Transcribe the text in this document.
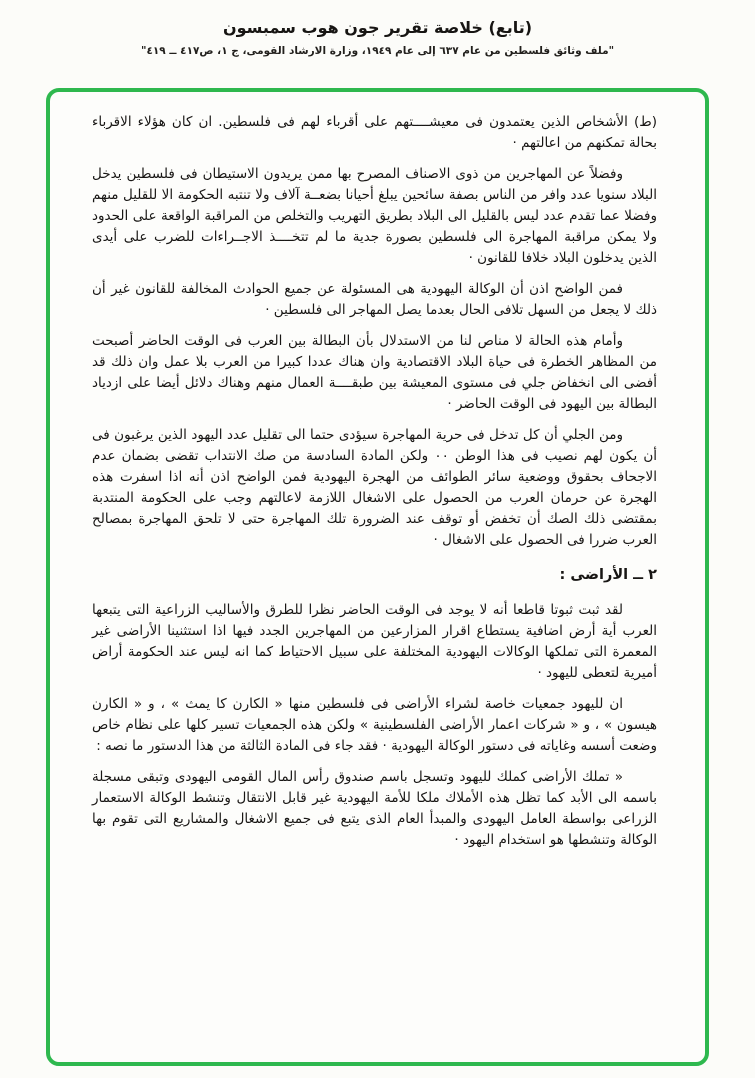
(تابع) خلاصة تقرير جون هوب سمبسون

"ملف وثائق فلسطين من عام ٦٣٧ إلى عام ١٩٤٩، وزارة الارشاد القومى، ج ١، ص٤١٧ ــ ٤١٩"

(ط) الأشخاص الذين يعتمدون فى معيشــــتهم على أقرباء لهم فى فلسطين. ان كان هؤلاء الاقرباء بحالة تمكنهم من اعالتهم ·

وفضلاً عن المهاجرين من ذوى الاصناف المصرح بها ممن يريدون الاستيطان فى فلسطين يدخل البلاد سنويا عدد وافر من الناس بصفة سائحين يبلغ أحيانا بضعــة آلاف ولا تنتبه الحكومة الا للقليل منهم وفضلا عما تقدم عدد ليس بالقليل الى البلاد بطريق التهريب والتخلص من المراقبة الواقعة على الحدود ولا يمكن مراقبة المهاجرة الى فلسطين بصورة جدية ما لم تتخــــذ الاجــراءات للضرب على أيدى الذين يدخلون البلاد خلافا للقانون ·

فمن الواضح اذن أن الوكالة اليهودية هى المسئولة عن جميع الحوادث المخالفة للقانون غير أن ذلك لا يجعل من السهل تلافى الحال بعدما يصل المهاجر الى فلسطين ·

وأمام هذه الحالة لا مناص لنا من الاستدلال بأن البطالة بين العرب فى الوقت الحاضر أصبحت من المظاهر الخطرة فى حياة البلاد الاقتصادية وان هناك عددا كبيرا من العرب بلا عمل وان ذلك قد أفضى الى انخفاض جلي فى مستوى المعيشة بين طبقــــة العمال منهم وهناك دلائل أيضا على ازدياد البطالة بين اليهود فى الوقت الحاضر ·

ومن الجلي أن كل تدخل فى حرية المهاجرة سيؤدى حتما الى تقليل عدد اليهود الذين يرغبون فى أن يكون لهم نصيب فى هذا الوطن ٠٠ ولكن المادة السادسة من صك الانتداب تقضى بضمان عدم الاجحاف بحقوق ووضعية سائر الطوائف من الهجرة اليهودية فمن الواضح اذن أنه اذا اسفرت هذه الهجرة عن حرمان العرب من الحصول على الاشغال اللازمة لاعالتهم وجب على الحكومة المنتدبة بمقتضى ذلك الصك أن تخفض أو توقف عند الضرورة تلك المهاجرة حتى لا تلحق المهاجرة بمصالح العرب ضررا فى الحصول على الاشغال ·

٢ ــ الأراضى :

لقد ثبت ثبوتا قاطعا أنه لا يوجد فى الوقت الحاضر نظرا للطرق والأساليب الزراعية التى يتبعها العرب أية أرض اضافية يستطاع اقرار المزارعين من المهاجرين الجدد فيها اذا استثنينا الأراضى غير المعمرة التى تملكها الوكالات اليهودية المختلفة على سبيل الاحتياط كما انه ليس عند الحكومة أراض أميرية لتعطى لليهود ·

ان لليهود جمعيات خاصة لشراء الأراضى فى فلسطين منها « الكارن كا يمث » ، و « الكارن هيسون » ، و « شركات اعمار الأراضى الفلسطينية » ولكن هذه الجمعيات تسير كلها على نظام خاص وضعت أسسه وغاياته فى دستور الوكالة اليهودية · فقد جاء فى المادة الثالثة من هذا الدستور ما نصه :

« تملك الأراضى كملك لليهود وتسجل باسم صندوق رأس المال القومى اليهودى وتبقى مسجلة باسمه الى الأبد كما تظل هذه الأملاك ملكا للأمة اليهودية غير قابل الانتقال وتنشط الوكالة الاستعمار الزراعى بواسطة العامل اليهودى والمبدأ العام الذى يتبع فى جميع الاشغال والمشاريع التى تقوم بها الوكالة وتنشطها هو استخدام اليهود ·
